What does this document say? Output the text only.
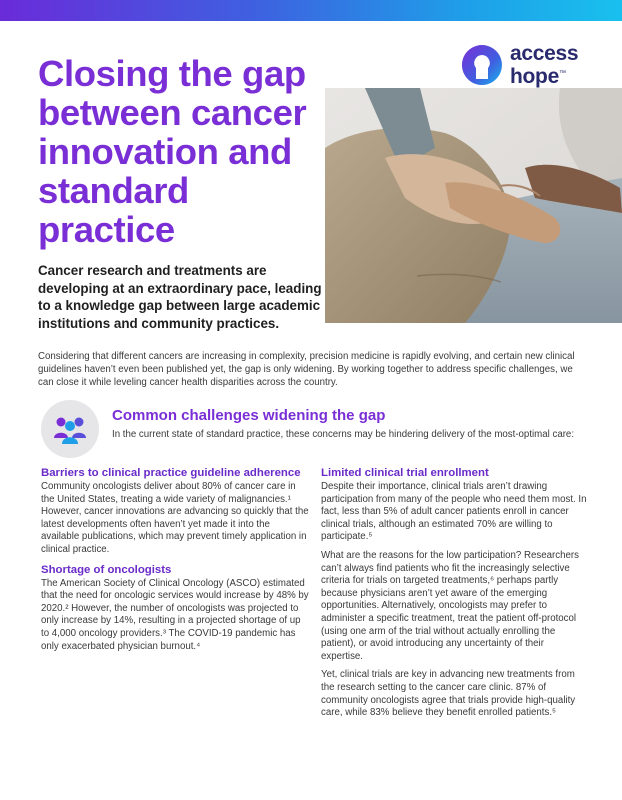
access
hope™
Closing the gap between cancer innovation and standard practice

Cancer research and treatments are developing at an extraordinary pace, leading to a knowledge gap between large academic institutions and community practices.

Considering that different cancers are increasing in complexity, precision medicine is rapidly evolving, and certain new clinical guidelines haven’t even been published yet, the gap is only widening. By working together to address specific challenges, we can close it while leveling cancer health disparities across the country.

Common challenges widening the gap

In the current state of standard practice, these concerns may be hindering delivery of the most-optimal care:

Barriers to clinical practice guideline adherence

Community oncologists deliver about 80% of cancer care in the United States, treating a wide variety of malignancies.¹ However, cancer innovations are advancing so quickly that the latest developments often haven’t yet made it into the available publications, which may prevent timely application in clinical practice.

Shortage of oncologists

The American Society of Clinical Oncology (ASCO) estimated that the need for oncologic services would increase by 48% by 2020.² However, the number of oncologists was projected to only increase by 14%, resulting in a projected shortage of up to 4,000 oncology providers.³ The COVID-19 pandemic has only exacerbated physician burnout.⁴

Limited clinical trial enrollment

Despite their importance, clinical trials aren’t drawing participation from many of the people who need them most. In fact, less than 5% of adult cancer patients enroll in cancer clinical trials, although an estimated 70% are willing to participate.⁵

What are the reasons for the low participation? Researchers can’t always find patients who fit the increasingly selective criteria for trials on targeted treatments,⁶ perhaps partly because physicians aren’t yet aware of the emerging opportunities. Alternatively, oncologists may prefer to administer a specific treatment, treat the patient off-protocol (using one arm of the trial without actually enrolling the patient), or avoid introducing any uncertainty of their expertise.

Yet, clinical trials are key in advancing new treatments from the research setting to the cancer care clinic. 87% of community oncologists agree that trials provide high-quality care, while 83% believe they benefit enrolled patients.⁵
